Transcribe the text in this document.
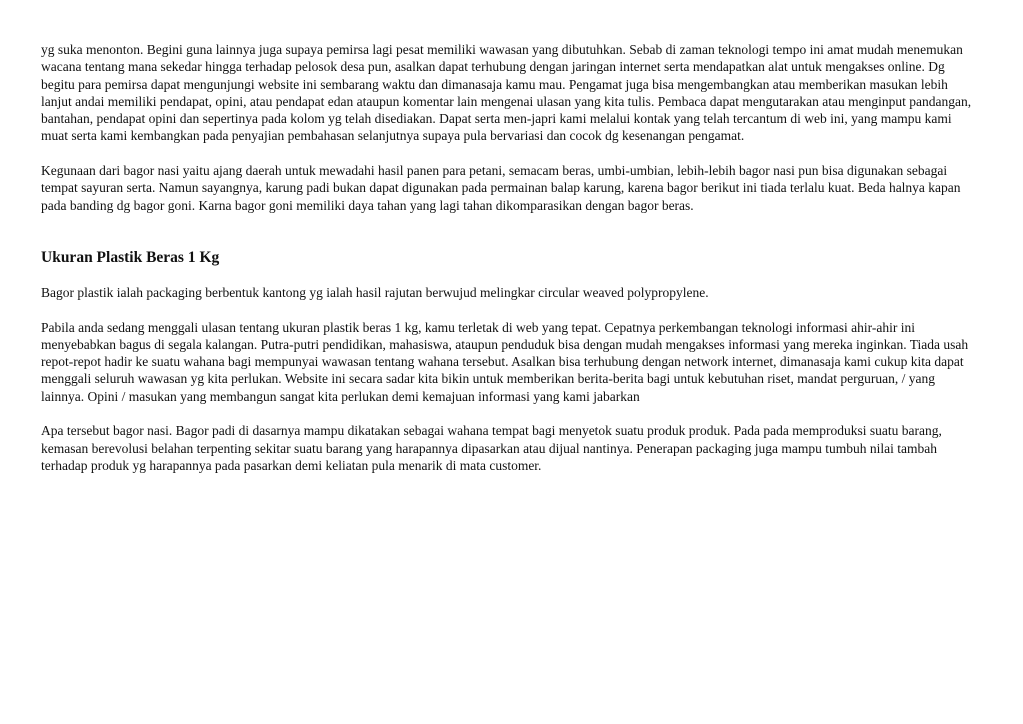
yg suka menonton. Begini guna lainnya juga supaya pemirsa lagi pesat memiliki wawasan yang dibutuhkan. Sebab di zaman teknologi tempo ini amat mudah menemukan wacana tentang mana sekedar hingga terhadap pelosok desa pun, asalkan dapat terhubung dengan jaringan internet serta mendapatkan alat untuk mengakses online. Dg begitu para pemirsa dapat mengunjungi website ini sembarang waktu dan dimanasaja kamu mau. Pengamat juga bisa mengembangkan atau memberikan masukan lebih lanjut andai memiliki pendapat, opini, atau pendapat edan ataupun komentar lain mengenai ulasan yang kita tulis. Pembaca dapat mengutarakan atau menginput pandangan, bantahan, pendapat opini dan sepertinya pada kolom yg telah disediakan. Dapat serta men-japri kami melalui kontak yang telah tercantum di web ini, yang mampu kami muat serta kami kembangkan pada penyajian pembahasan selanjutnya supaya pula bervariasi dan cocok dg kesenangan pengamat.

Kegunaan dari bagor nasi yaitu ajang daerah untuk mewadahi hasil panen para petani, semacam beras, umbi-umbian, lebih-lebih bagor nasi pun bisa digunakan sebagai tempat sayuran serta. Namun sayangnya, karung padi bukan dapat digunakan pada permainan balap karung, karena bagor berikut ini tiada terlalu kuat. Beda halnya kapan pada banding dg bagor goni. Karna bagor goni memiliki daya tahan yang lagi tahan dikomparasikan dengan bagor beras.

Ukuran Plastik Beras 1 Kg

Bagor plastik ialah packaging berbentuk kantong yg ialah hasil rajutan berwujud melingkar circular weaved polypropylene.

Pabila anda sedang menggali ulasan tentang ukuran plastik beras 1 kg, kamu terletak di web yang tepat. Cepatnya perkembangan teknologi informasi ahir-ahir ini menyebabkan bagus di segala kalangan. Putra-putri pendidikan, mahasiswa, ataupun penduduk bisa dengan mudah mengakses informasi yang mereka inginkan. Tiada usah repot-repot hadir ke suatu wahana bagi mempunyai wawasan tentang wahana tersebut. Asalkan bisa terhubung dengan network internet, dimanasaja kami cukup kita dapat menggali seluruh wawasan yg kita perlukan. Website ini secara sadar kita bikin untuk memberikan berita-berita bagi untuk kebutuhan riset, mandat perguruan, / yang lainnya. Opini / masukan yang membangun sangat kita perlukan demi kemajuan informasi yang kami jabarkan

Apa tersebut bagor nasi. Bagor padi di dasarnya mampu dikatakan sebagai wahana tempat bagi menyetok suatu produk produk. Pada pada memproduksi suatu barang, kemasan berevolusi belahan terpenting sekitar suatu barang yang harapannya dipasarkan atau dijual nantinya. Penerapan packaging juga mampu tumbuh nilai tambah terhadap produk yg harapannya pada pasarkan demi keliatan pula menarik di mata customer.
